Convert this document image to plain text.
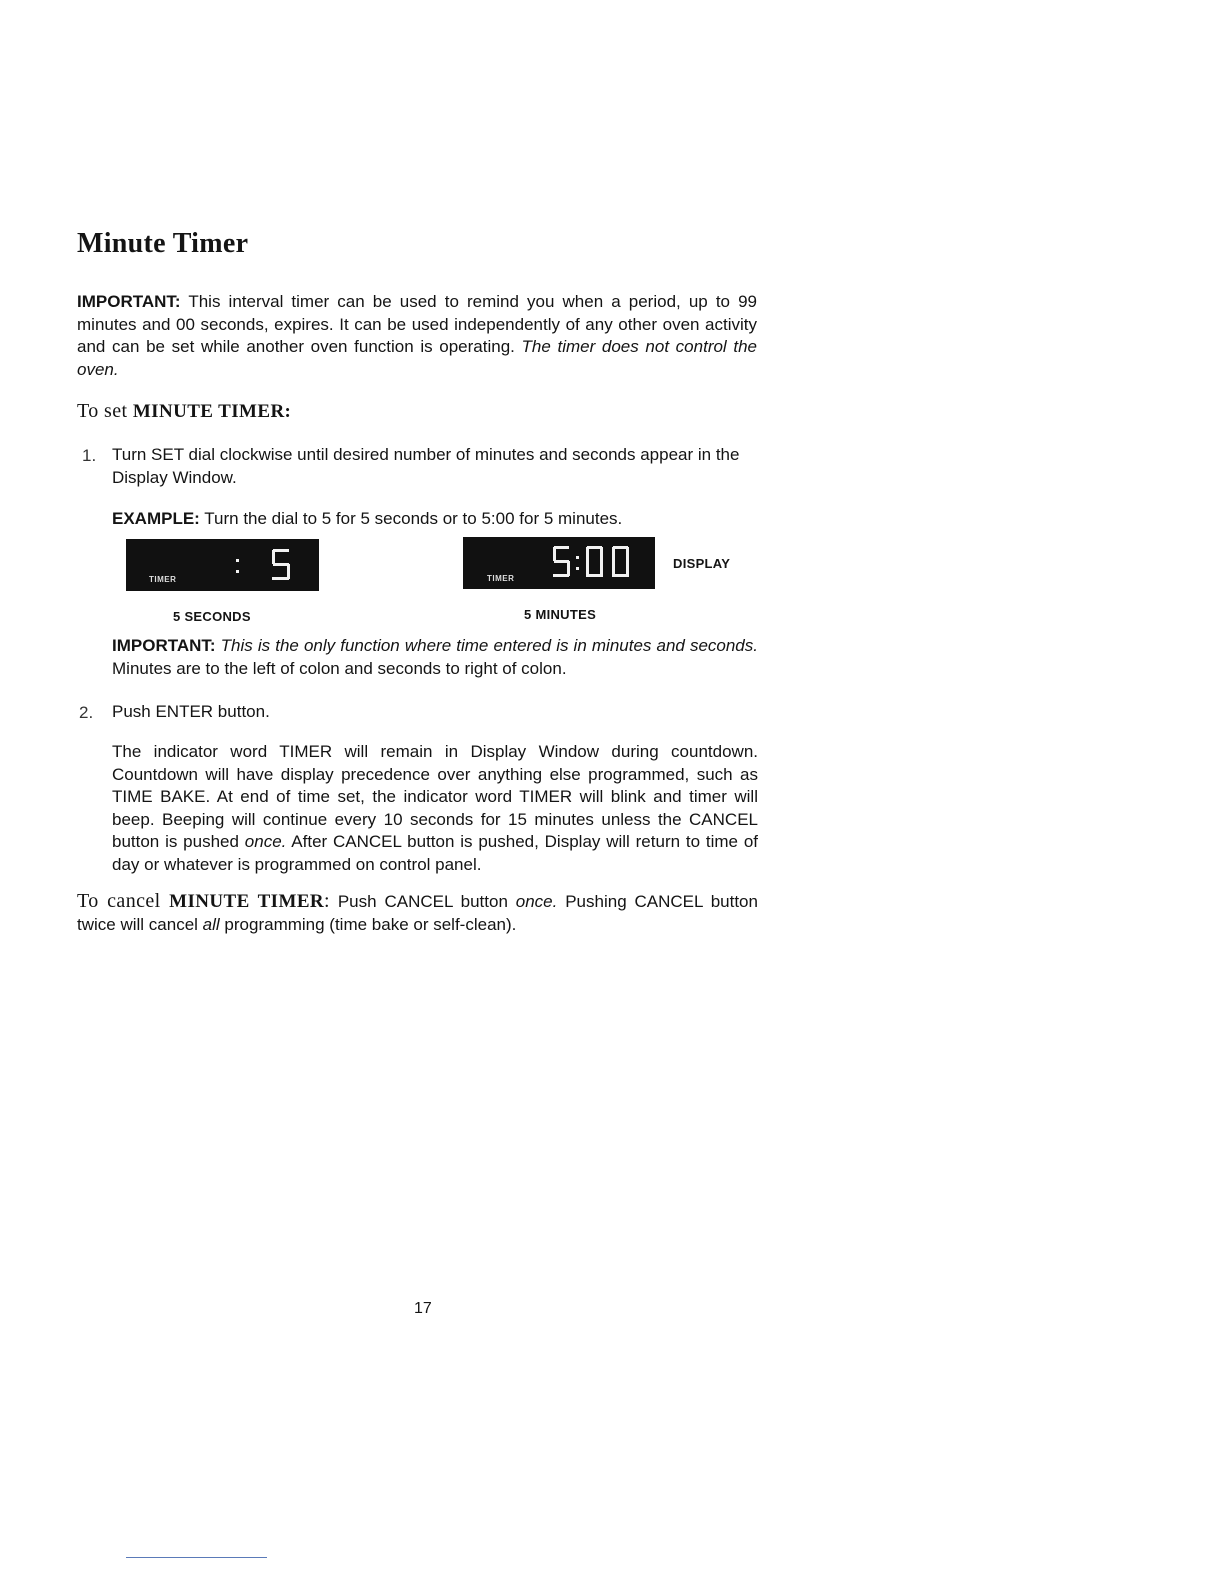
Minute Timer

IMPORTANT: This interval timer can be used to remind you when a period, up to 99 minutes and 00 seconds, expires. It can be used independently of any other oven activity and can be set while another oven function is operating. The timer does not control the oven.

To set MINUTE TIMER:
1. Turn SET dial clockwise until desired number of minutes and seconds appear in the Display Window.

EXAMPLE: Turn the dial to 5 for 5 seconds or to 5:00 for 5 minutes.

TIMER	TIMER
DISPLAY
5 SECONDS	5 MINUTES

IMPORTANT: This is the only function where time entered is in minutes and seconds. Minutes are to the left of colon and seconds to right of colon.

2. Push ENTER button.

The indicator word TIMER will remain in Display Window during countdown. Countdown will have display precedence over anything else programmed, such as TIME BAKE. At end of time set, the indicator word TIMER will blink and timer will beep. Beeping will continue every 10 seconds for 15 minutes unless the CANCEL button is pushed once. After CANCEL button is pushed, Display will return to time of day or whatever is programmed on control panel.

To cancel MINUTE TIMER: Push CANCEL button once. Pushing CANCEL button twice will cancel all programming (time bake or self-clean).

17
